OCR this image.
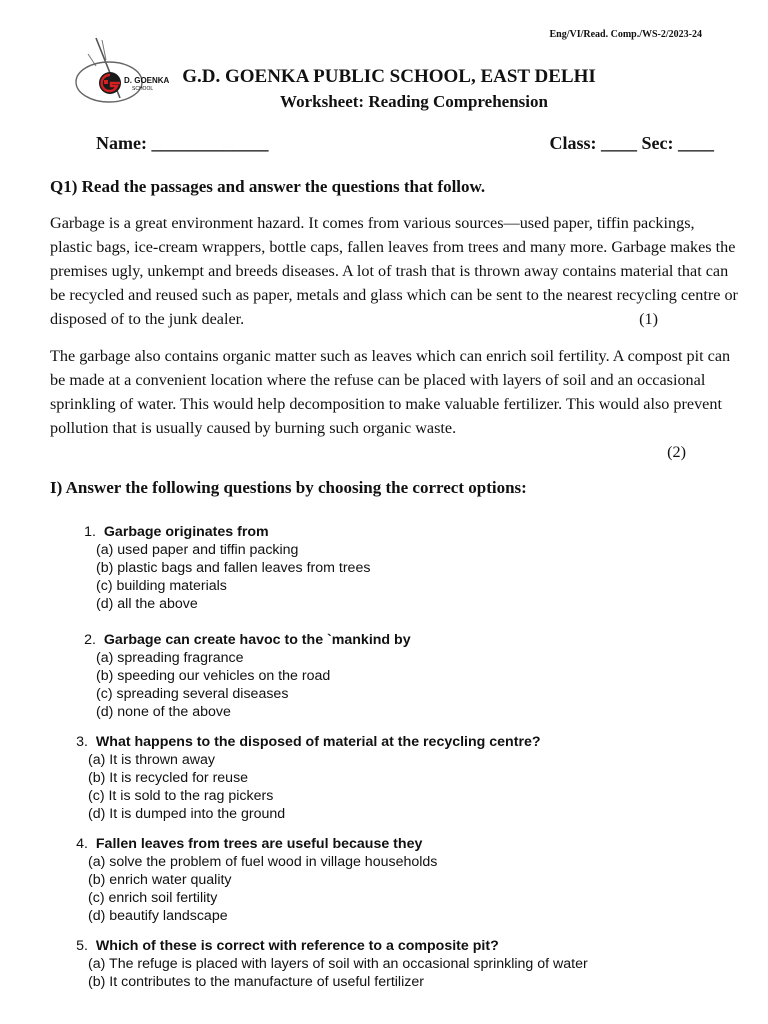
Eng/VI/Read. Comp./WS-2/2023-24
D. GOENKA
SCHOOL
G.D. GOENKA PUBLIC SCHOOL, EAST DELHI
Worksheet: Reading Comprehension
Name: _____________	Class: ____ Sec: ____
Q1) Read the passages and answer the questions that follow.

Garbage is a great environment hazard. It comes from various sources—used paper, tiffin packings, plastic bags, ice-cream wrappers, bottle caps, fallen leaves from trees and many more. Garbage makes the premises ugly, unkempt and breeds diseases. A lot of trash that is thrown away contains material that can be recycled and reused such as paper, metals and glass which can be sent to the nearest recycling centre or disposed of to the junk dealer.	(1)

The garbage also contains organic matter such as leaves which can enrich soil fertility. A compost pit can be made at a convenient location where the refuse can be placed with layers of soil and an occasional sprinkling of water. This would help decomposition to make valuable fertilizer. This would also prevent pollution that is usually caused by burning such organic waste.
(2)

I) Answer the following questions by choosing the correct options:
1. Garbage originates from
(a) used paper and tiffin packing
(b) plastic bags and fallen leaves from trees
(c) building materials
(d) all the above
2. Garbage can create havoc to the `mankind by
(a) spreading fragrance
(b) speeding our vehicles on the road
(c) spreading several diseases
(d) none of the above
3. What happens to the disposed of material at the recycling centre?
(a) It is thrown away
(b) It is recycled for reuse
(c) It is sold to the rag pickers
(d) It is dumped into the ground
4. Fallen leaves from trees are useful because they
(a) solve the problem of fuel wood in village households
(b) enrich water quality
(c) enrich soil fertility
(d) beautify landscape
5. Which of these is correct with reference to a composite pit?
(a) The refuge is placed with layers of soil with an occasional sprinkling of water
(b) It contributes to the manufacture of useful fertilizer
